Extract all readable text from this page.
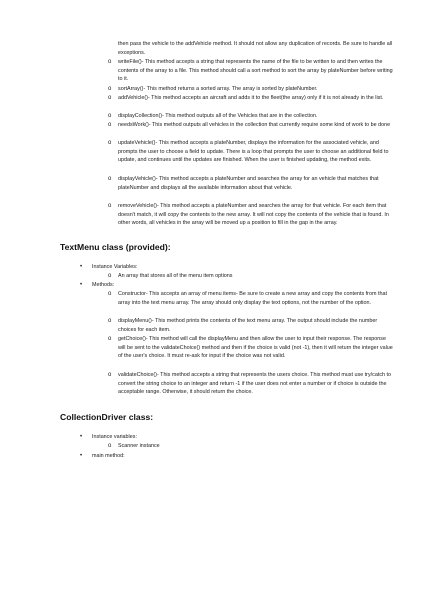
then pass the vehicle to the addVehicle method. It should not allow any duplication of records. Be sure to handle all exceptions.

o writeFile()- This method accepts a string that represents the name of the file to be written to and then writes the contents of the array to a file. This method should call a sort method to sort the array by plateNumber before writing to it.

o sortArray()- This method returns a sorted array. The array is sorted by plateNumber.

o addVehicle()- This method accepts an aircraft and adds it to the fleet(the array) only if it is not already in the list.

o displayCollection()- This method outputs all of the Vehicles that are in the collection.

o needsWork()- This method outputs all vehicles in the collection that currently require some kind of work to be done

o updateVehicle()- This method accepts a plateNumber, displays the information for the associated vehicle, and prompts the user to choose a field to update. There is a loop that prompts the user to choose an additional field to update, and continues until the updates are finished. When the user is finished updating, the method exits.

o displayVehicle()- This method accepts a plateNumber and searches the array for an vehicle that matches that plateNumber and displays all the available information about that vehicle.

o removeVehicle()- This method accepts a plateNumber and searches the array for that vehicle. For each item that doesn't match, it will copy the contents to the new array. It will not copy the contents of the vehicle that is found. In other words, all vehicles in the array will be moved up a position to fill in the gap in the array.

TextMenu class (provided):

• Instance Variables:

o An array that stores all of the menu item options

• Methods:

o Constructor- This accepts an array of menu items- Be sure to create a new array and copy the contents from that array into the text menu array. The array should only display the text options, not the number of the option.

o displayMenu()- This method prints the contents of the text menu array. The output should include the number choices for each item.

o getChoice()- This method will call the displayMenu and then allow the user to input their response. The response will be sent to the validateChoice() method and then if the choice is valid (not -1), then it will return the integer value of the user's choice. It must re-ask for input if the choice was not valid.

o validateChoice()- This method accepts a string that represents the users choice. This method must use try/catch to convert the string choice to an integer and return -1 if the user does not enter a number or if choice is outside the acceptable range. Otherwise, it should return the choice.

CollectionDriver class:

• Instance variables:

o Scanner instance

• main method:
